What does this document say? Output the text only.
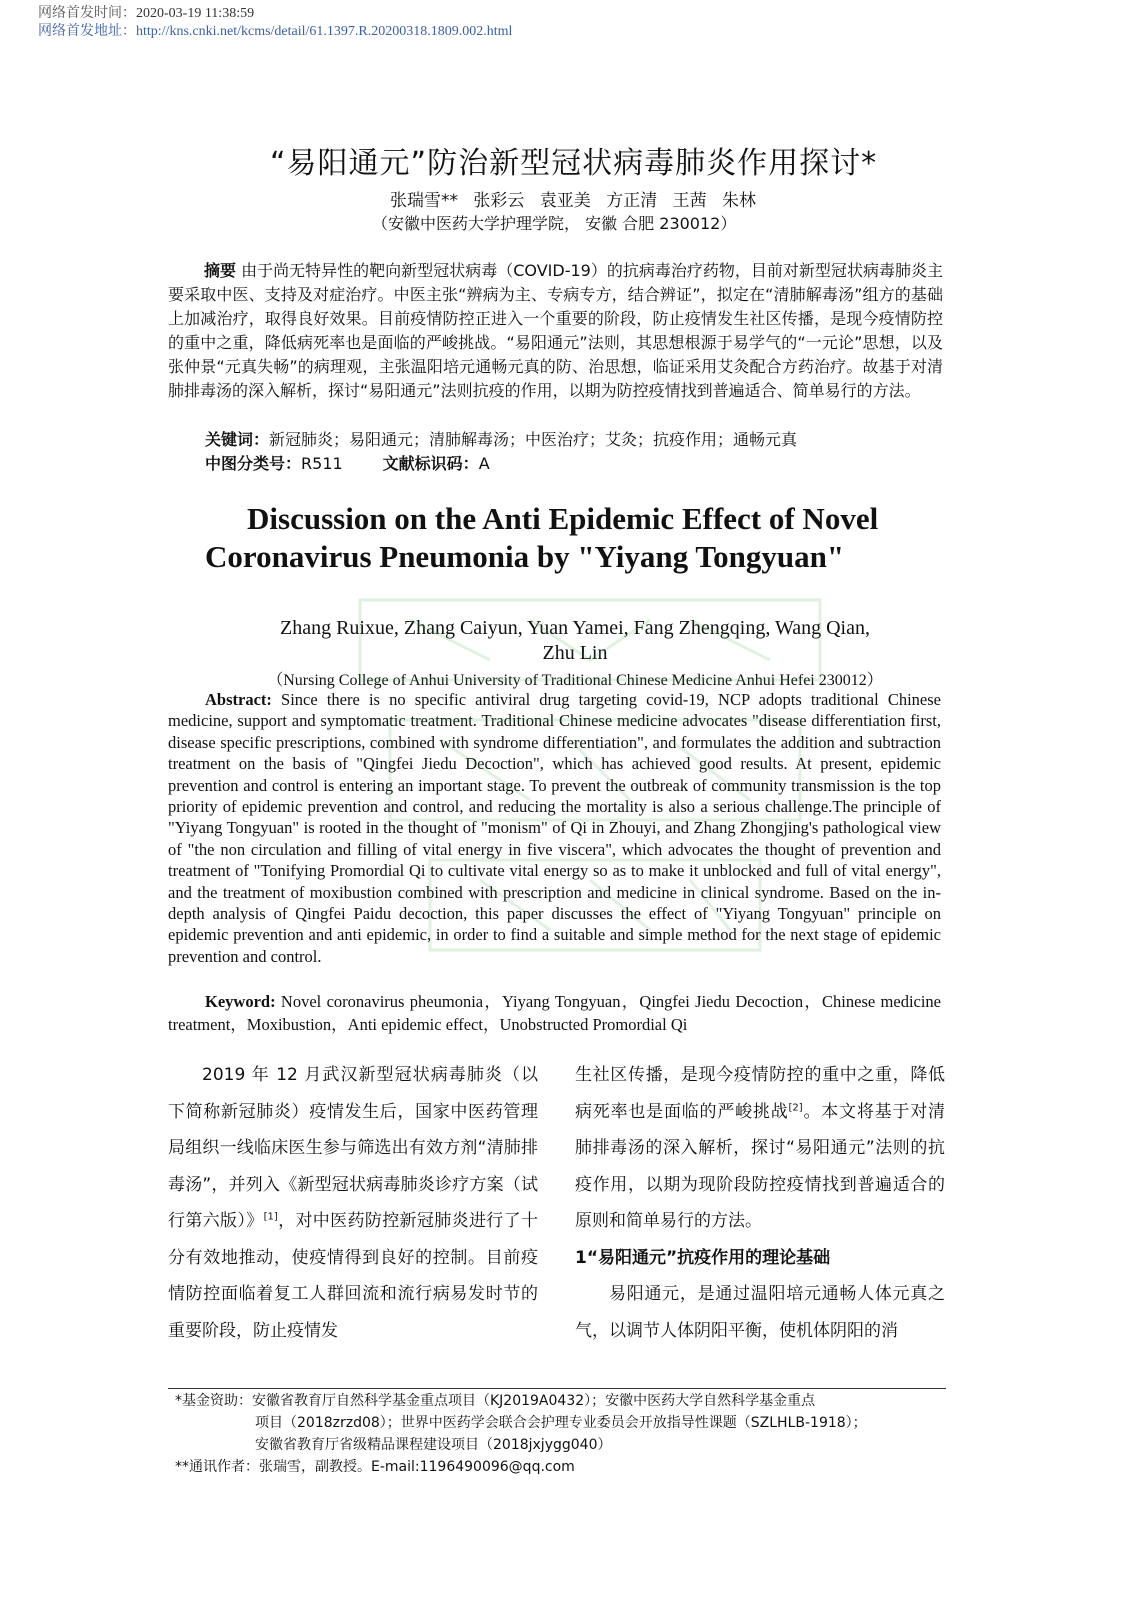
网络首发时间：2020-03-19 11:38:59
网络首发地址：http://kns.cnki.net/kcms/detail/61.1397.R.20200318.1809.002.html
“易阳通元”防治新型冠状病毒肺炎作用探讨*
张瑞雪** 张彩云 袁亚美 方正清 王茜 朱林
（安徽中医药大学护理学院， 安徽 合肥 230012）
摘要 由于尚无特异性的靶向新型冠状病毒（COVID-19）的抗病毒治疗药物，目前对新型冠状病毒肺炎主要采取中医、支持及对症治疗。中医主张“辨病为主、专病专方，结合辨证”，拟定在“清肺解毒汤”组方的基础上加减治疗，取得良好效果。目前疫情防控正进入一个重要的阶段，防止疫情发生社区传播，是现今疫情防控的重中之重，降低病死率也是面临的严峻挑战。“易阳通元”法则，其思想根源于易学气的“一元论”思想，以及张仲景“元真失畅”的病理观，主张温阳培元通畅元真的防、治思想，临证采用艾灸配合方药治疗。故基于对清肺排毒汤的深入解析，探讨“易阳通元”法则抗疫的作用，以期为防控疫情找到普遍适合、简单易行的方法。
关键词：新冠肺炎；易阳通元；清肺解毒汤；中医治疗；艾灸；抗疫作用；通畅元真
中图分类号：R511	文献标识码：A
Discussion on the Anti Epidemic Effect of Novel
Coronavirus Pneumonia by "Yiyang Tongyuan"
Zhang Ruixue, Zhang Caiyun, Yuan Yamei, Fang Zhengqing, Wang Qian,
Zhu Lin
（Nursing College of Anhui University of Traditional Chinese Medicine Anhui Hefei 230012）
Abstract: Since there is no specific antiviral drug targeting covid-19, NCP adopts traditional Chinese medicine, support and symptomatic treatment. Traditional Chinese medicine advocates "disease differentiation first, disease specific prescriptions, combined with syndrome differentiation", and formulates the addition and subtraction treatment on the basis of "Qingfei Jiedu Decoction", which has achieved good results. At present, epidemic prevention and control is entering an important stage. To prevent the outbreak of community transmission is the top priority of epidemic prevention and control, and reducing the mortality is also a serious challenge.The principle of "Yiyang Tongyuan" is rooted in the thought of "monism" of Qi in Zhouyi, and Zhang Zhongjing's pathological view of "the non circulation and filling of vital energy in five viscera", which advocates the thought of prevention and treatment of "Tonifying Promordial Qi to cultivate vital energy so as to make it unblocked and full of vital energy", and the treatment of moxibustion combined with prescription and medicine in clinical syndrome. Based on the in-depth analysis of Qingfei Paidu decoction, this paper discusses the effect of "Yiyang Tongyuan" principle on epidemic prevention and anti epidemic, in order to find a suitable and simple method for the next stage of epidemic prevention and control.
Keyword: Novel coronavirus pheumonia，Yiyang Tongyuan，Qingfei Jiedu Decoction，Chinese medicine treatment，Moxibustion，Anti epidemic effect，Unobstructed Promordial Qi

2019 年 12 月武汉新型冠状病毒肺炎（以下简称新冠肺炎）疫情发生后，国家中医药管理局组织一线临床医生参与筛选出有效方剂“清肺排毒汤”，并列入《新型冠状病毒肺炎诊疗方案（试行第六版）》[1]，对中医药防控新冠肺炎进行了十分有效地推动，使疫情得到良好的控制。目前疫情防控面临着复工人群回流和流行病易发时节的重要阶段，防止疫情发

生社区传播，是现今疫情防控的重中之重，降低病死率也是面临的严峻挑战[2]。本文将基于对清肺排毒汤的深入解析，探讨“易阳通元”法则的抗疫作用，以期为现阶段防控疫情找到普遍适合的原则和简单易行的方法。

1“易阳通元”抗疫作用的理论基础

易阳通元，是通过温阳培元通畅人体元真之气，以调节人体阴阳平衡，使机体阴阳的消

*基金资助：安徽省教育厅自然科学基金重点项目（KJ2019A0432）；安徽中医药大学自然科学基金重点
项目（2018zrzd08）；世界中医药学会联合会护理专业委员会开放指导性课题（SZLHLB-1918）；
安徽省教育厅省级精品课程建设项目（2018jxjygg040）
**通讯作者：张瑞雪，副教授。E-mail:1196490096@qq.com
